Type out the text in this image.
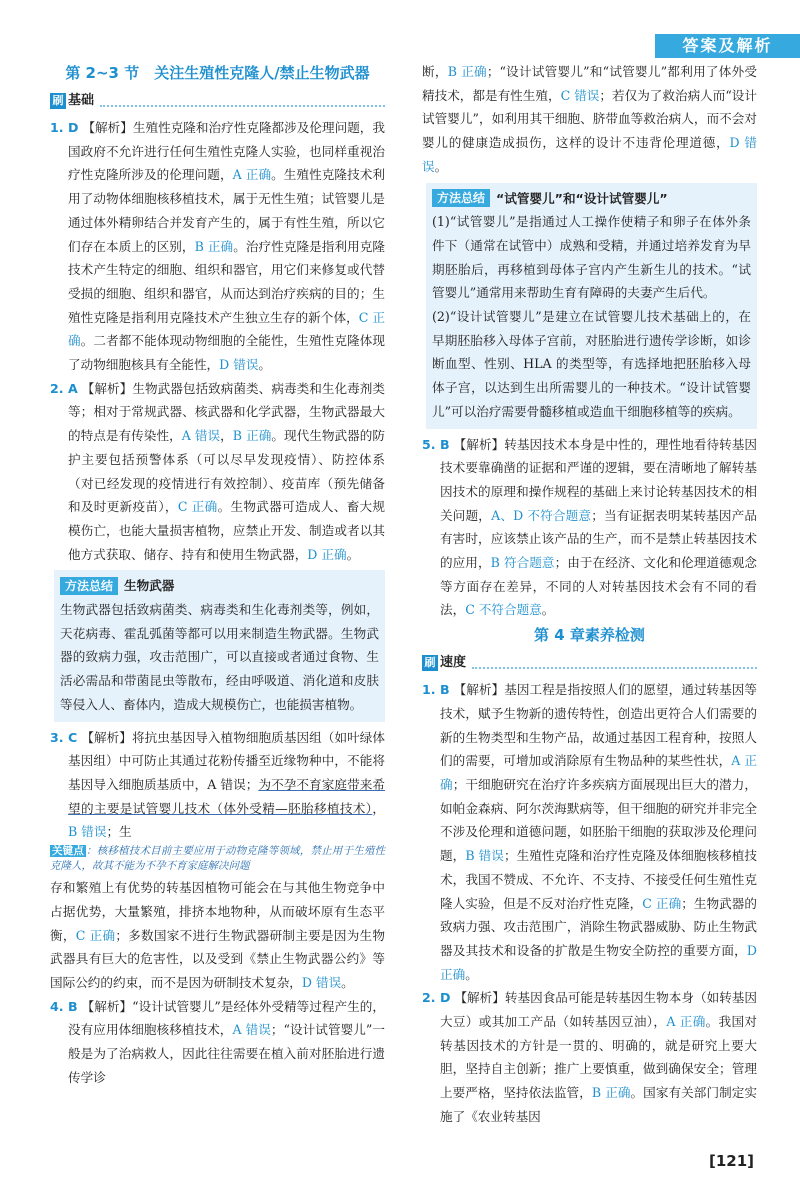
答案及解析
第 2~3 节　关注生殖性克隆人/禁止生物武器
刷 基础

1. D 【解析】生殖性克隆和治疗性克隆都涉及伦理问题，我国政府不允许进行任何生殖性克隆人实验，也同样重视治疗性克隆所涉及的伦理问题，A 正确。生殖性克隆技术利用了动物体细胞核移植技术，属于无性生殖；试管婴儿是通过体外精卵结合并发育产生的，属于有性生殖，所以它们存在本质上的区别，B 正确。治疗性克隆是指利用克隆技术产生特定的细胞、组织和器官，用它们来修复或代替受损的细胞、组织和器官，从而达到治疗疾病的目的；生殖性克隆是指利用克隆技术产生独立生存的新个体，C 正确。二者都不能体现动物细胞的全能性，生殖性克隆体现了动物细胞核具有全能性，D 错误。

2. A 【解析】生物武器包括致病菌类、病毒类和生化毒剂类等；相对于常规武器、核武器和化学武器，生物武器最大的特点是有传染性，A 错误，B 正确。现代生物武器的防护主要包括预警体系（可以尽早发现疫情）、防控体系（对已经发现的疫情进行有效控制）、疫苗库（预先储备和及时更新疫苗），C 正确。生物武器可造成人、畜大规模伤亡，也能大量损害植物，应禁止开发、制造或者以其他方式获取、储存、持有和使用生物武器，D 正确。

方法总结 生物武器

生物武器包括致病菌类、病毒类和生化毒剂类等，例如，天花病毒、霍乱弧菌等都可以用来制造生物武器。生物武器的致病力强，攻击范围广，可以直接或者通过食物、生活必需品和带菌昆虫等散布，经由呼吸道、消化道和皮肤等侵入人、畜体内，造成大规模伤亡，也能损害植物。

3. C 【解析】将抗虫基因导入植物细胞质基因组（如叶绿体基因组）中可防止其通过花粉传播至近缘物种中，不能将基因导入细胞质基质中，A 错误；为不孕不育家庭带来希望的主要是试管婴儿技术（体外受精—胚胎移植技术），B 错误；生

关键点 ：核移植技术目前主要应用于动物克隆等领域，禁止用于生殖性克隆人，故其不能为不孕不育家庭解决问题

存和繁殖上有优势的转基因植物可能会在与其他生物竞争中占据优势，大量繁殖，排挤本地物种，从而破坏原有生态平衡，C 正确；多数国家不进行生物武器研制主要是因为生物武器具有巨大的危害性，以及受到《禁止生物武器公约》等国际公约的约束，而不是因为研制技术复杂，D 错误。

4. B 【解析】“设计试管婴儿”是经体外受精等过程产生的，没有应用体细胞核移植技术，A 错误；“设计试管婴儿”一般是为了治病救人，因此往往需要在植入前对胚胎进行遗传学诊

断，B 正确；“设计试管婴儿”和“试管婴儿”都利用了体外受精技术，都是有性生殖，C 错误；若仅为了救治病人而“设计试管婴儿”，如利用其干细胞、脐带血等救治病人，而不会对婴儿的健康造成损伤，这样的设计不违背伦理道德，D 错误。

方法总结 “试管婴儿”和“设计试管婴儿”

(1)“试管婴儿”是指通过人工操作使精子和卵子在体外条件下（通常在试管中）成熟和受精，并通过培养发育为早期胚胎后，再移植到母体子宫内产生新生儿的技术。“试管婴儿”通常用来帮助生育有障碍的夫妻产生后代。

(2)“设计试管婴儿”是建立在试管婴儿技术基础上的，在早期胚胎移入母体子宫前，对胚胎进行遗传学诊断，如诊断血型、性别、HLA 的类型等，有选择地把胚胎移入母体子宫，以达到生出所需婴儿的一种技术。“设计试管婴儿”可以治疗需要骨髓移植或造血干细胞移植等的疾病。

5. B 【解析】转基因技术本身是中性的，理性地看待转基因技术要靠确凿的证据和严谨的逻辑，要在清晰地了解转基因技术的原理和操作规程的基础上来讨论转基因技术的相关问题，A、D 不符合题意；当有证据表明某转基因产品有害时，应该禁止该产品的生产，而不是禁止转基因技术的应用，B 符合题意；由于在经济、文化和伦理道德观念等方面存在差异，不同的人对转基因技术会有不同的看法，C 不符合题意。

第 4 章素养检测
刷 速度

1. B 【解析】基因工程是指按照人们的愿望，通过转基因等技术，赋予生物新的遗传特性，创造出更符合人们需要的新的生物类型和生物产品，故通过基因工程育种，按照人们的需要，可增加或消除原有生物品种的某些性状，A 正确；干细胞研究在治疗许多疾病方面展现出巨大的潜力，如帕金森病、阿尔茨海默病等，但干细胞的研究并非完全不涉及伦理和道德问题，如胚胎干细胞的获取涉及伦理问题，B 错误；生殖性克隆和治疗性克隆及体细胞核移植技术，我国不赞成、不允许、不支持、不接受任何生殖性克隆人实验，但是不反对治疗性克隆，C 正确；生物武器的致病力强、攻击范围广，消除生物武器威胁、防止生物武器及其技术和设备的扩散是生物安全防控的重要方面，D 正确。

2. D 【解析】转基因食品可能是转基因生物本身（如转基因大豆）或其加工产品（如转基因豆油），A 正确。我国对转基因技术的方针是一贯的、明确的，就是研究上要大胆，坚持自主创新；推广上要慎重，做到确保安全；管理上要严格，坚持依法监管，B 正确。国家有关部门制定实施了《农业转基因

[ 121 ]
